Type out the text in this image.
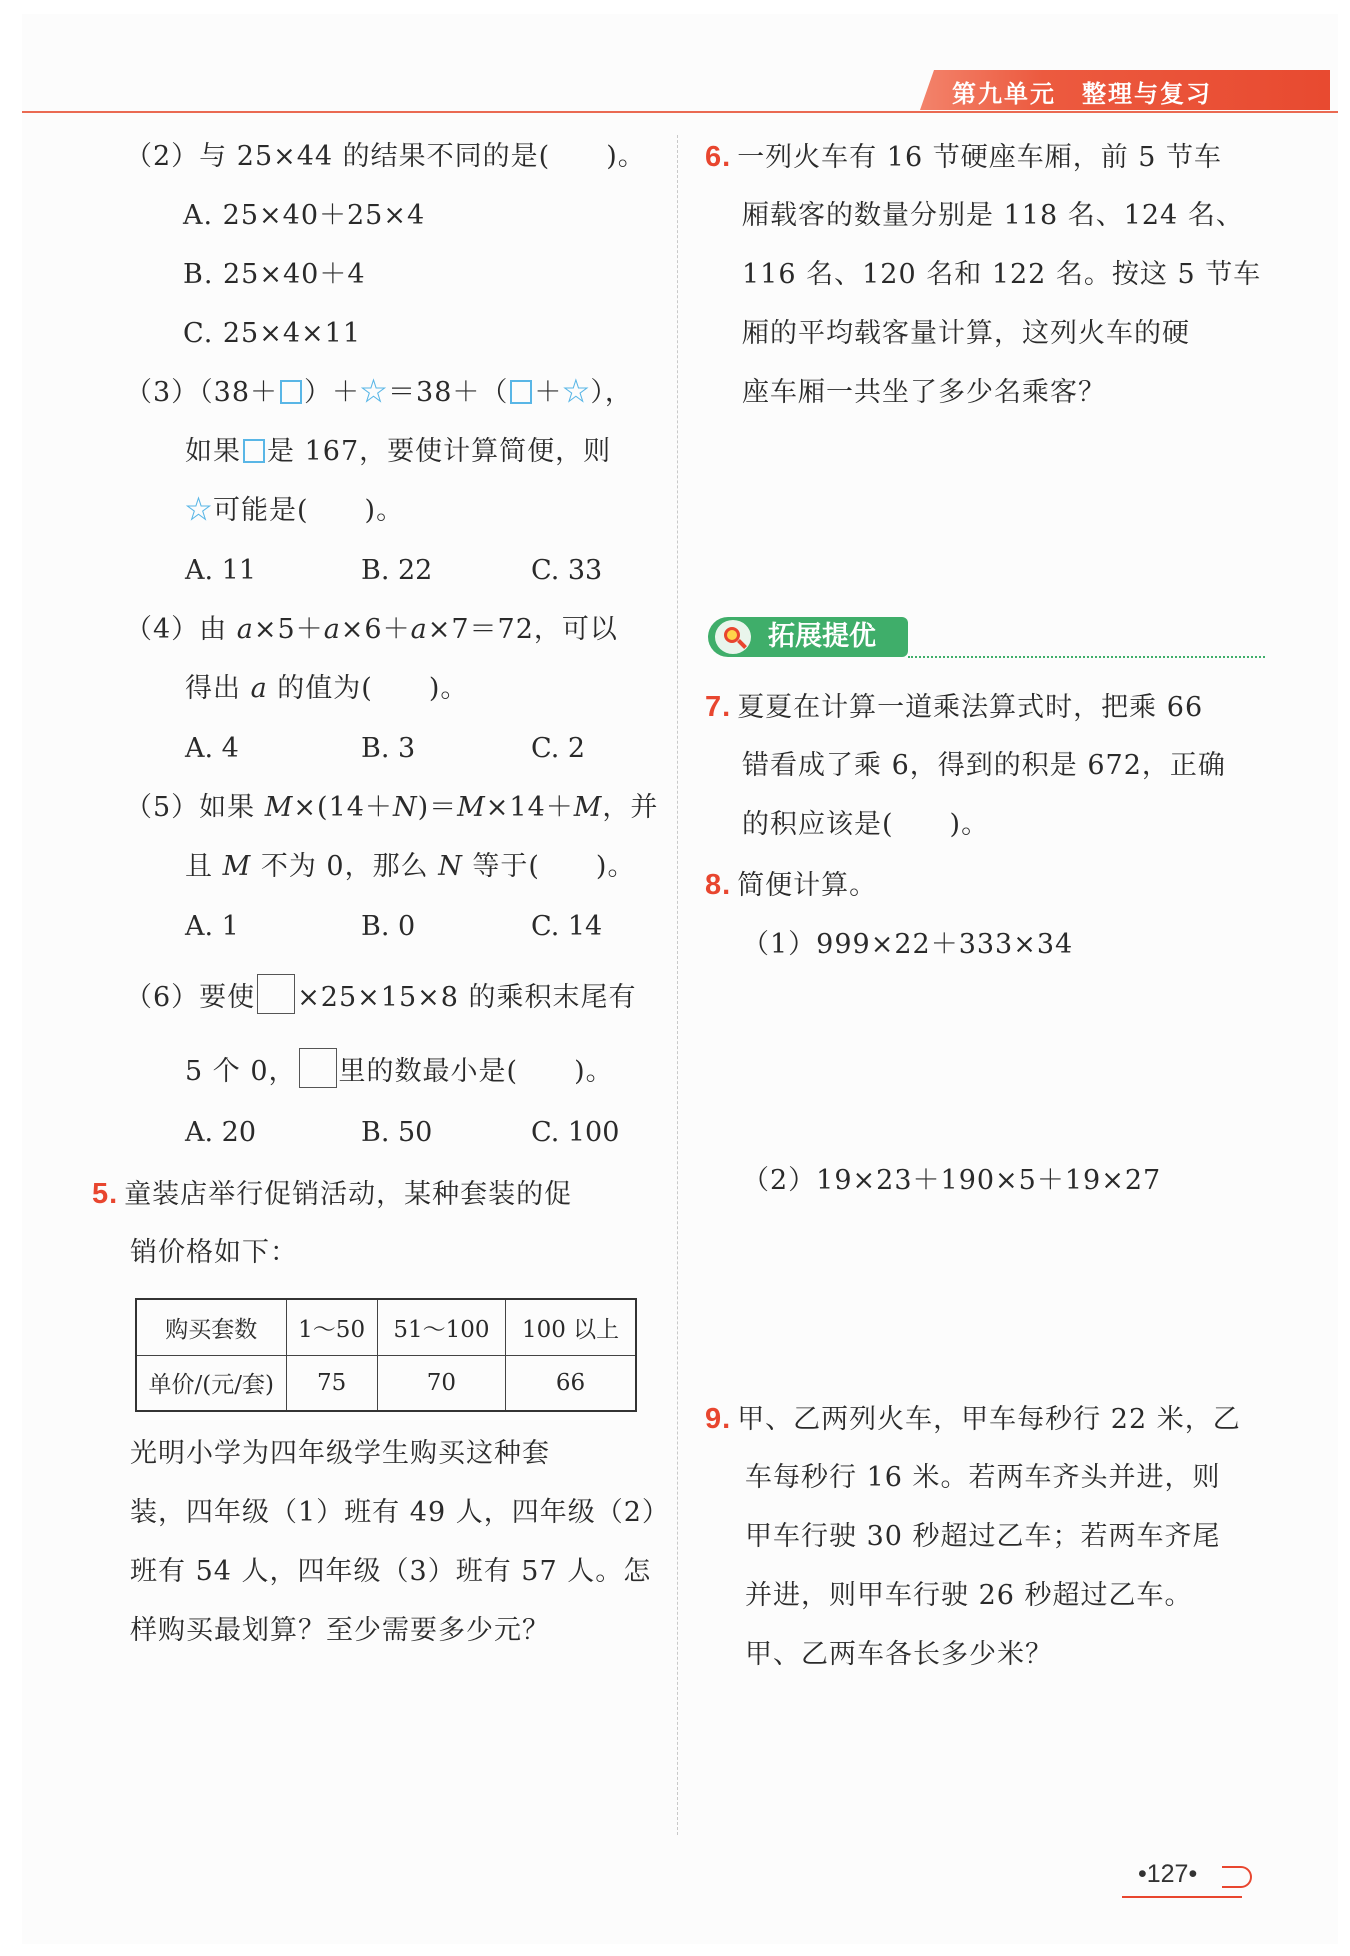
第九单元　整理与复习
（2）与 25×44 的结果不同的是(　　)。
A. 25×40＋25×4
B. 25×40＋4
C. 25×4×11
（3）（38＋ ）＋☆＝38＋（ ＋☆），
如果 是 167，要使计算简便，则
☆可能是(　　)。
A. 11	B. 22	C. 33
（4）由 a×5＋a×6＋a×7＝72，可以
得出 a 的值为(　　)。
A. 4	B. 3	C. 2
（5）如果 M×(14＋N)＝M×14＋M，并
且 M 不为 0，那么 N 等于(　　)。
A. 1	B. 0	C. 14
（6）要使 ×25×15×8 的乘积末尾有
5 个 0， 里的数最小是(　　)。
A. 20	B. 50	C. 100
5. 童装店举行促销活动，某种套装的促
销价格如下：
购买套数	1～50	51～100	100 以上
单价/(元/套)	75	70	66
光明小学为四年级学生购买这种套
装，四年级（1）班有 49 人，四年级（2）
班有 54 人，四年级（3）班有 57 人。怎
样购买最划算？至少需要多少元？
6. 一列火车有 16 节硬座车厢，前 5 节车
厢载客的数量分别是 118 名、124 名、
116 名、120 名和 122 名。按这 5 节车
厢的平均载客量计算，这列火车的硬
座车厢一共坐了多少名乘客？
拓展提优
7. 夏夏在计算一道乘法算式时，把乘 66
错看成了乘 6，得到的积是 672，正确
的积应该是(　　)。
8. 简便计算。
（1）999×22＋333×34
（2）19×23＋190×5＋19×27
9. 甲、乙两列火车，甲车每秒行 22 米，乙
车每秒行 16 米。若两车齐头并进，则
甲车行驶 30 秒超过乙车；若两车齐尾
并进，则甲车行驶 26 秒超过乙车。
甲、乙两车各长多少米？
•127•
